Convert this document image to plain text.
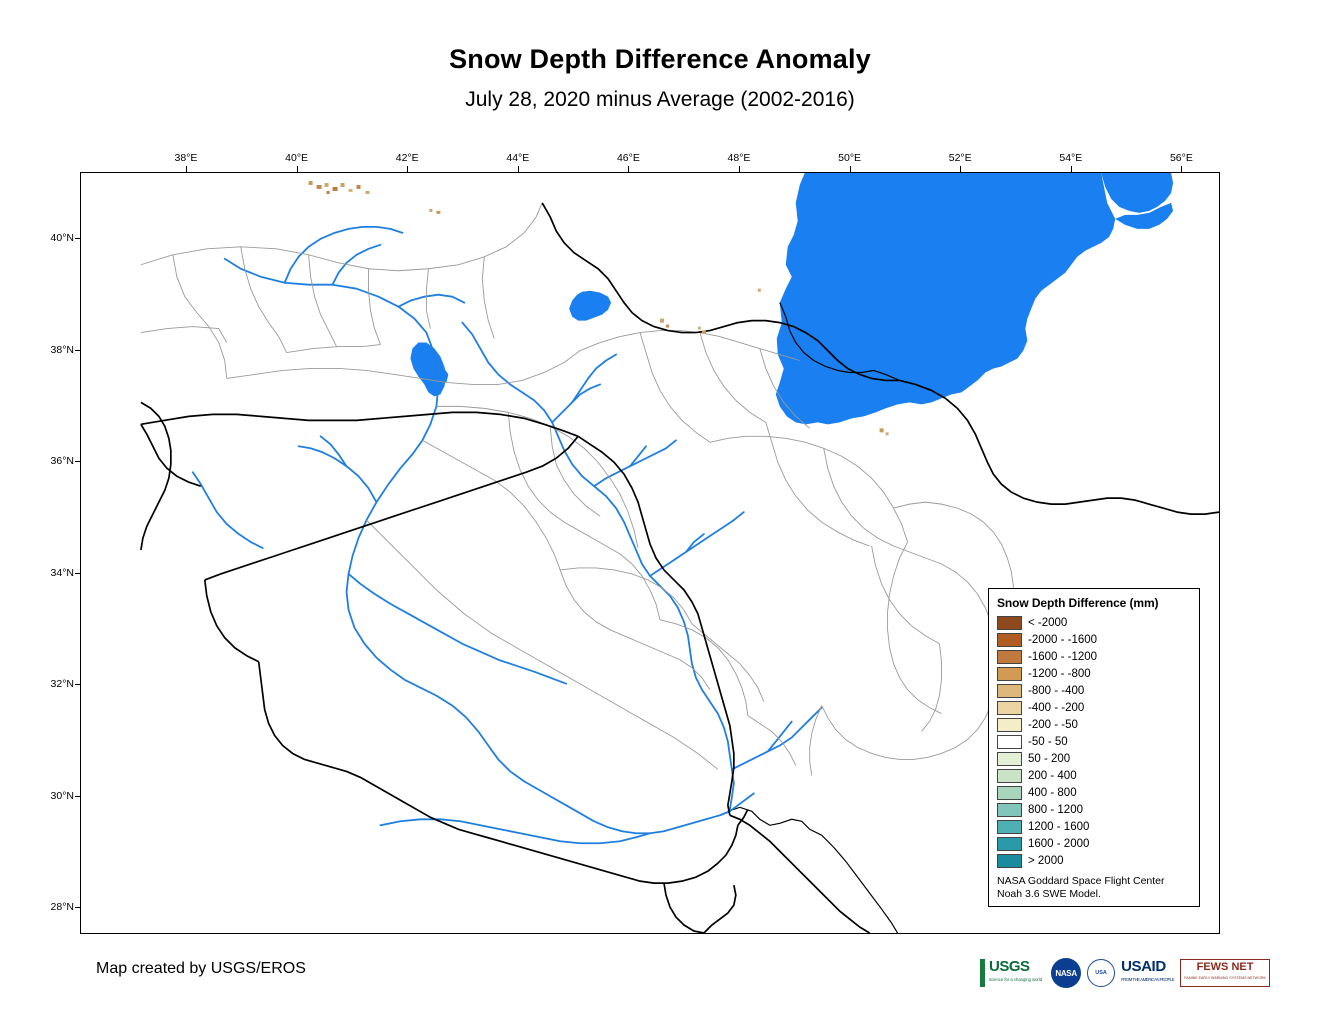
Snow Depth Difference Anomaly
July 28, 2020 minus Average (2002-2016)
38°E	40°E	42°E	44°E	46°E	48°E	50°E	52°E	54°E	56°E
40°N
38°N
36°N
34°N
32°N
30°N
28°N
Snow Depth Difference (mm)
< -2000
-2000 - -1600
-1600 - -1200
-1200 - -800
-800 - -400
-400 - -200
-200 - -50
-50 - 50
50 - 200
200 - 400
400 - 800
800 - 1200
1200 - 1600
1600 - 2000
> 2000
NASA Goddard Space Flight Center
Noah 3.6 SWE Model.
Map created by USGS/EROS	USGS
science for a changing world
NASA	USA USAID
FROM THE AMERICAN PEOPLE
FEWS NET
FAMINE EARLY WARNING SYSTEMS NETWORK
